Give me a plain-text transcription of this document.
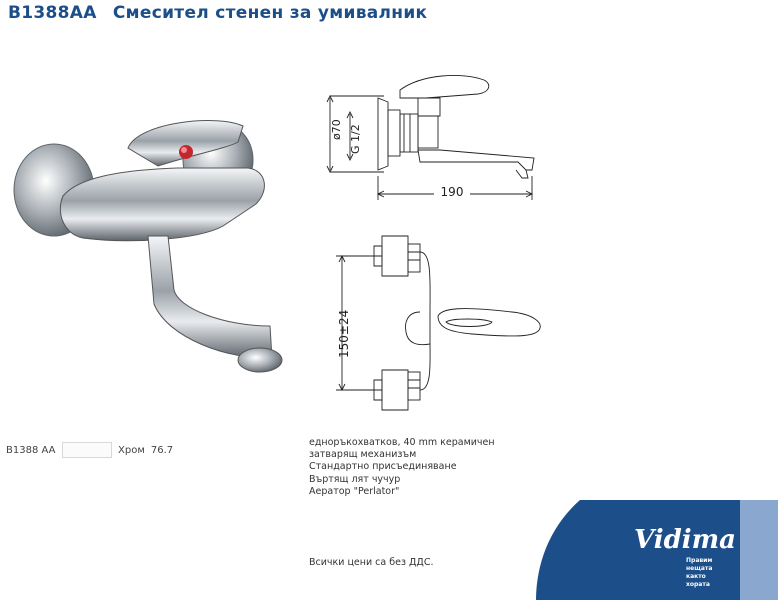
B1388AA Смесител стенен за умивалник
ø70 G 1/2
190
150±24
B1388 AA	Хром 76.7
еднoръкохватков, 40 mm керамичен
затварящ механизъм
Стандартно присъединяване
Въртящ лят чучур
Аератор "Perlator"
Всички цени са без ДДС.
Vidima
Правим
нещата
както
хората
